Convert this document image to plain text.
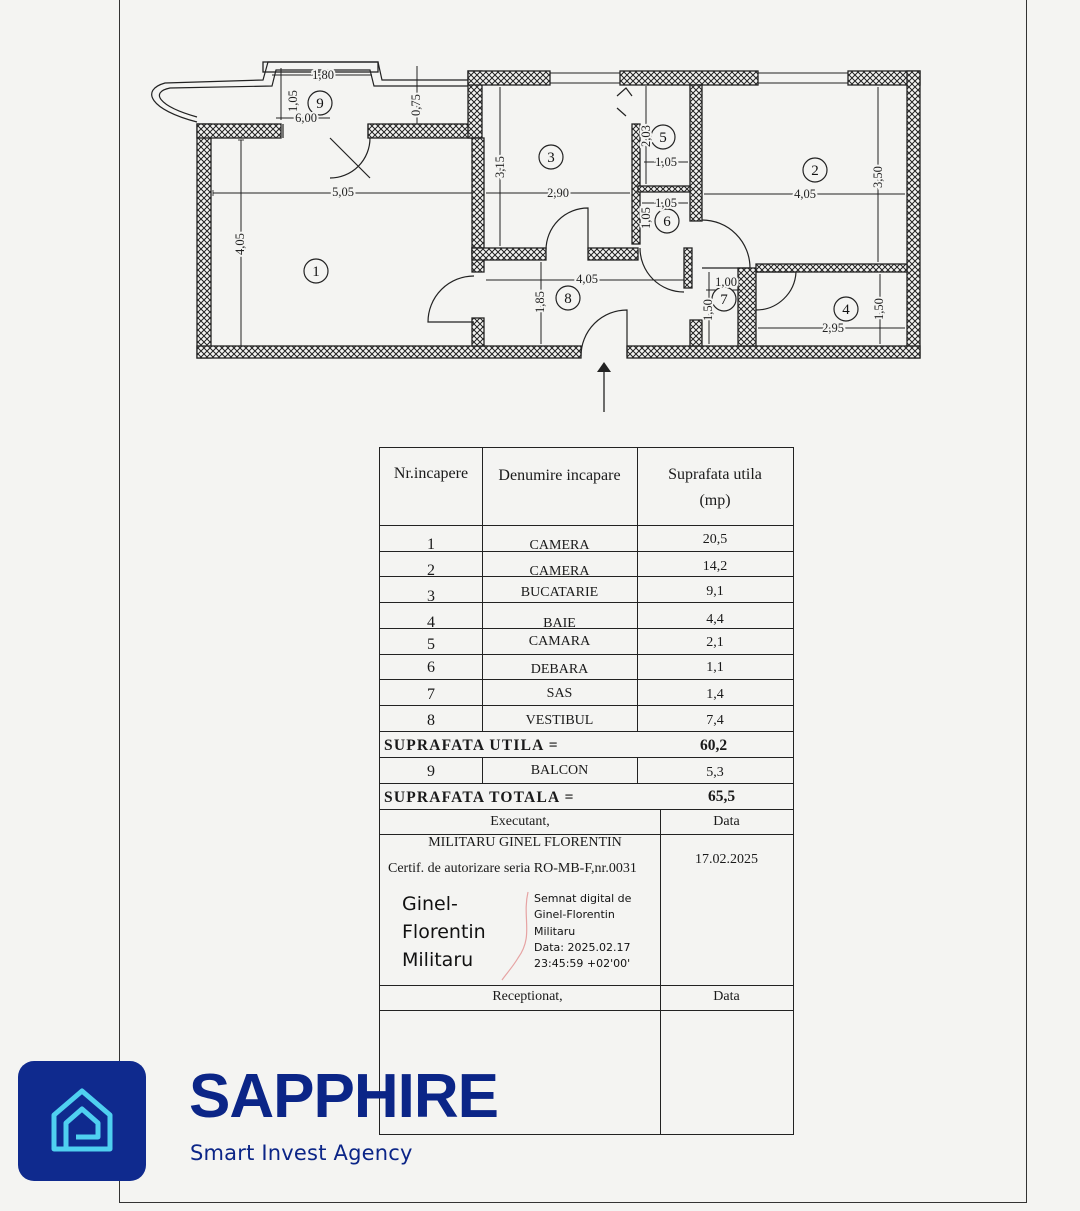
1
2
3
4
5
6
7
8
9
5,05
4,05
2,90
3,15
4,05
3,50
4,05
1,85
2,95
1,50
1,05
2,03
1,05
1,05
1,00
1,50
1,80
1,05
6,00
0,75
Nr.incapere	Denumire incapare	Suprafata utila
(mp)
1	CAMERA	20,5
2	CAMERA	14,2
3	BUCATARIE	9,1
4	BAIE	4,4
5	CAMARA	2,1
6	DEBARA	1,1
7	SAS	1,4
8	VESTIBUL	7,4
SUPRAFATA UTILA =	60,2
9	BALCON	5,3
SUPRAFATA TOTALA =	65,5
Executant,	Data
MILITARU GINEL FLORENTIN
Certif. de autorizare seria RO-MB-F,nr.0031
17.02.2025
Ginel-
Florentin
Militaru
Semnat digital de
Ginel-Florentin
Militaru
Data: 2025.02.17
23:45:59 +02'00'
Receptionat,	Data
SAPPHIRE
Smart Invest Agency
